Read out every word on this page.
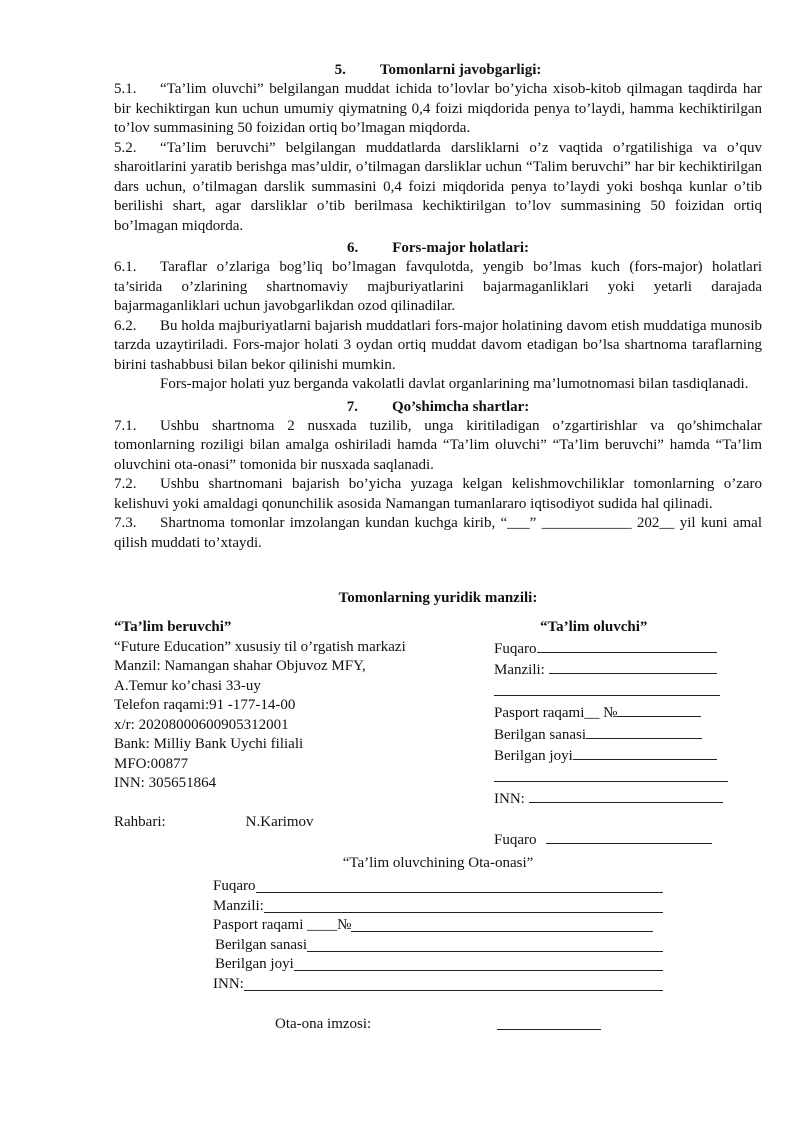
5. Tomonlarni javobgarligi:

5.1. “Ta’lim oluvchi” belgilangan muddat ichida to’lovlar bo’yicha xisob-kitob qilmagan taqdirda har bir kechiktirgan kun uchun umumiy qiymatning 0,4 foizi miqdorida penya to’laydi, hamma kechiktirilgan to’lov summasining 50 foizidan ortiq bo’lmagan miqdorda.

5.2. “Ta’lim beruvchi” belgilangan muddatlarda darsliklarni o’z vaqtida o’rgatilishiga va o’quv sharoitlarini yaratib berishga mas’uldir, o’tilmagan darsliklar uchun “Talim beruvchi” har bir kechiktirilgan dars uchun, o’tilmagan darslik summasini 0,4 foizi miqdorida penya to’laydi yoki boshqa kunlar o’tib berilishi shart, agar darsliklar o’tib berilmasa kechiktirilgan to’lov summasining 50 foizidan ortiq bo’lmagan miqdorda.

6. Fors-major holatlari:

6.1. Taraflar o’zlariga bog’liq bo’lmagan favqulotda, yengib bo’lmas kuch (fors-major) holatlari ta’sirida o’zlarining shartnomaviy majburiyatlarini bajarmaganliklari yoki yetarli darajada bajarmaganliklari uchun javobgarlikdan ozod qilinadilar.

6.2. Bu holda majburiyatlarni bajarish muddatlari fors-major holatining davom etish muddatiga munosib tarzda uzaytiriladi. Fors-major holati 3 oydan ortiq muddat davom etadigan bo’lsa shartnoma taraflarning birini tashabbusi bilan bekor qilinishi mumkin.

Fors-major holati yuz berganda vakolatli davlat organlarining ma’lumotnomasi bilan tasdiqlanadi.

7. Qo’shimcha shartlar:

7.1. Ushbu shartnoma 2 nusxada tuzilib, unga kiritiladigan o’zgartirishlar va qo’shimchalar tomonlarning roziligi bilan amalga oshiriladi hamda “Ta’lim oluvchi” “Ta’lim beruvchi” hamda “Ta’lim oluvchini ota-onasi” tomonida bir nusxada saqlanadi.

7.2. Ushbu shartnomani bajarish bo’yicha yuzaga kelgan kelishmovchiliklar tomonlarning o’zaro kelishuvi yoki amaldagi qonunchilik asosida Namangan tumanlararo iqtisodiyot sudida hal qilinadi.

7.3. Shartnoma tomonlar imzolangan kundan kuchga kirib, “___” ____________ 202__ yil kuni amal qilish muddati to’xtaydi.

Tomonlarning yuridik manzili:
“Ta’lim beruvchi”
“Future Education” xususiy til o’rgatish markazi
Manzil: Namangan shahar Objuvoz MFY,
A.Temur ko’chasi 33-uy
Telefon raqami:91 -177-14-00
x/r: 20208000600905312001
Bank: Milliy Bank Uychi filiali
MFO:00877
INN: 305651864
Rahbari:	N.Karimov
“Ta’lim oluvchi”
Fuqaro
Manzili:
Pasport raqami__ №
Berilgan sanasi
Berilgan joyi
INN:
Fuqaro
“Ta’lim oluvchining Ota-onasi”
Fuqaro
Manzili:
Pasport raqami ____№
Berilgan sanasi
Berilgan joyi
INN:
Ota-ona imzosi:
